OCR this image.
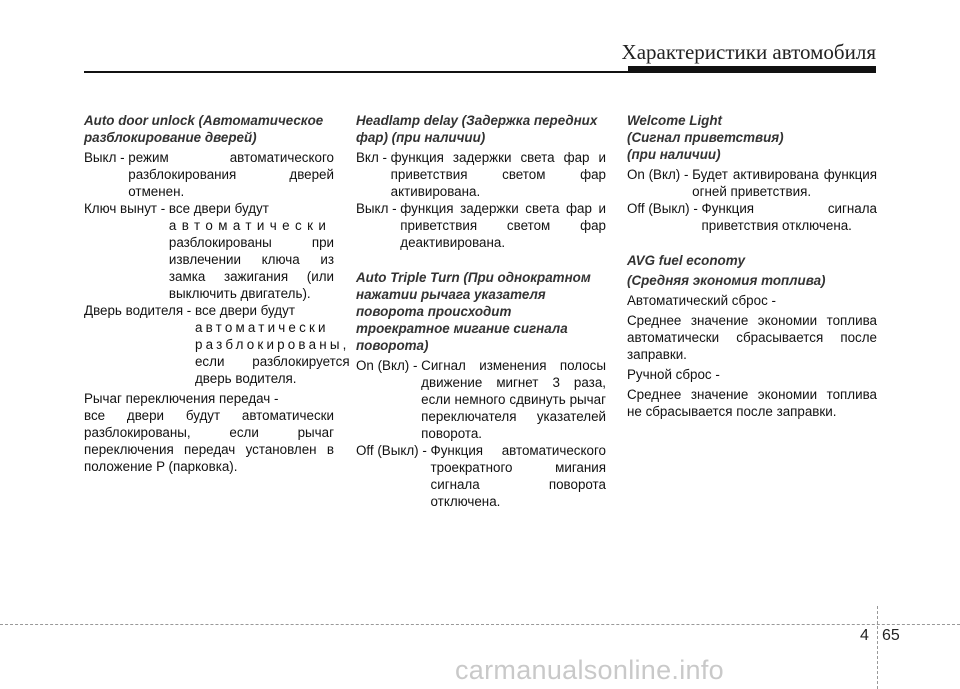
Характеристики автомобиля

Auto door unlock (Автоматическое разблокирование дверей)

Выкл - режим автоматического разблокирования дверей отменен.
Ключ вынут - все двери будут
автоматически
разблокированы при извлечении ключа из замка зажигания (или выключить двигатель).
Дверь водителя - все двери будут
автоматически разблокированы,
если разблокируется дверь водителя.

Рычаг переключения передач -

все двери будут автоматически разблокированы, если рычаг переключения передач установлен в положение P (парковка).

Headlamp delay (Задержка передних фар) (при наличии)

Вкл - функция задержки света фар и приветствия светом фар активирована.
Выкл - функция задержки света фар и приветствия светом фар деактивирована.

Auto Triple Turn (При однократном нажатии рычага указателя поворота происходит троекратное мигание сигнала поворота)

On (Вкл) - Сигнал изменения полосы движение мигнет 3 раза, если немного сдвинуть рычаг переключателя указателей поворота.
Off (Выкл) - Функция автоматического троекратного мигания сигнала поворота отключена.

Welcome Light

(Сигнал приветствия)

(при наличии)

On (Вкл) - Будет активирована функция огней приветствия.
Off (Выкл) - Функция сигнала приветствия отключена.

AVG fuel economy

(Средняя экономия топлива)

Автоматический сброс -

Среднее значение экономии топлива автоматически сбрасывается после заправки.

Ручной сброс -

Среднее значение экономии топлива не сбрасывается после заправки.

4 65
carmanualsonline.info
